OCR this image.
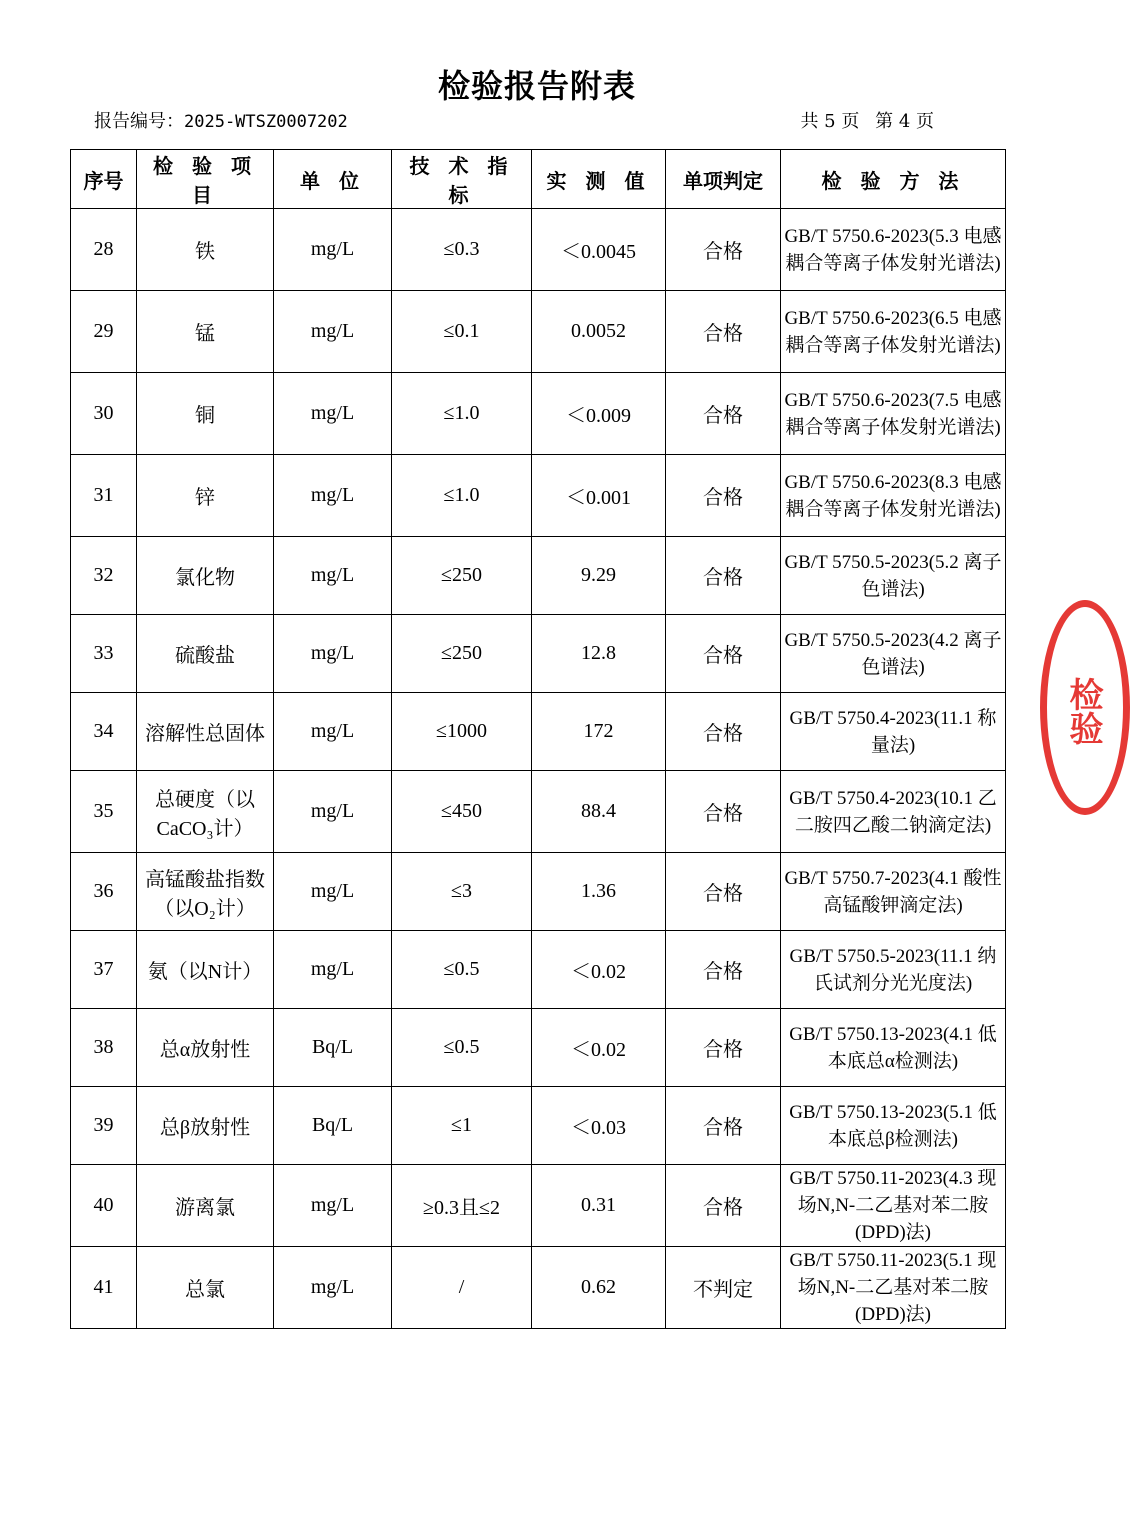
检验报告附表
报告编号：2025-WTSZ0007202	共 5 页 第 4 页
序号	检 验 项 目	单 位	技 术 指 标	实 测 值	单项判定	检 验 方 法
28	铁	mg/L	≤0.3	＜0.0045	合格	GB/T 5750.6-2023(5.3 电感耦合等离子体发射光谱法)
29	锰	mg/L	≤0.1	0.0052	合格	GB/T 5750.6-2023(6.5 电感耦合等离子体发射光谱法)
30	铜	mg/L	≤1.0	＜0.009	合格	GB/T 5750.6-2023(7.5 电感耦合等离子体发射光谱法)
31	锌	mg/L	≤1.0	＜0.001	合格	GB/T 5750.6-2023(8.3 电感耦合等离子体发射光谱法)
32	氯化物	mg/L	≤250	9.29	合格	GB/T 5750.5-2023(5.2 离子色谱法)
33	硫酸盐	mg/L	≤250	12.8	合格	GB/T 5750.5-2023(4.2 离子色谱法)
34	溶解性总固体	mg/L	≤1000	172	合格	GB/T 5750.4-2023(11.1 称量法)
35	总硬度（以CaCO₃计）	mg/L	≤450	88.4	合格	GB/T 5750.4-2023(10.1 乙二胺四乙酸二钠滴定法)
36	高锰酸盐指数（以O₂计）	mg/L	≤3	1.36	合格	GB/T 5750.7-2023(4.1 酸性高锰酸钾滴定法)
37	氨（以N计）	mg/L	≤0.5	＜0.02	合格	GB/T 5750.5-2023(11.1 纳氏试剂分光光度法)
38	总α放射性	Bq/L	≤0.5	＜0.02	合格	GB/T 5750.13-2023(4.1 低本底总α检测法)
39	总β放射性	Bq/L	≤1	＜0.03	合格	GB/T 5750.13-2023(5.1 低本底总β检测法)
40	游离氯	mg/L	≥0.3且≤2	0.31	合格	GB/T 5750.11-2023(4.3 现场N,N-二乙基对苯二胺(DPD)法)
41	总氯	mg/L	/	0.62	不判定	GB/T 5750.11-2023(5.1 现场N,N-二乙基对苯二胺(DPD)法)
检验
